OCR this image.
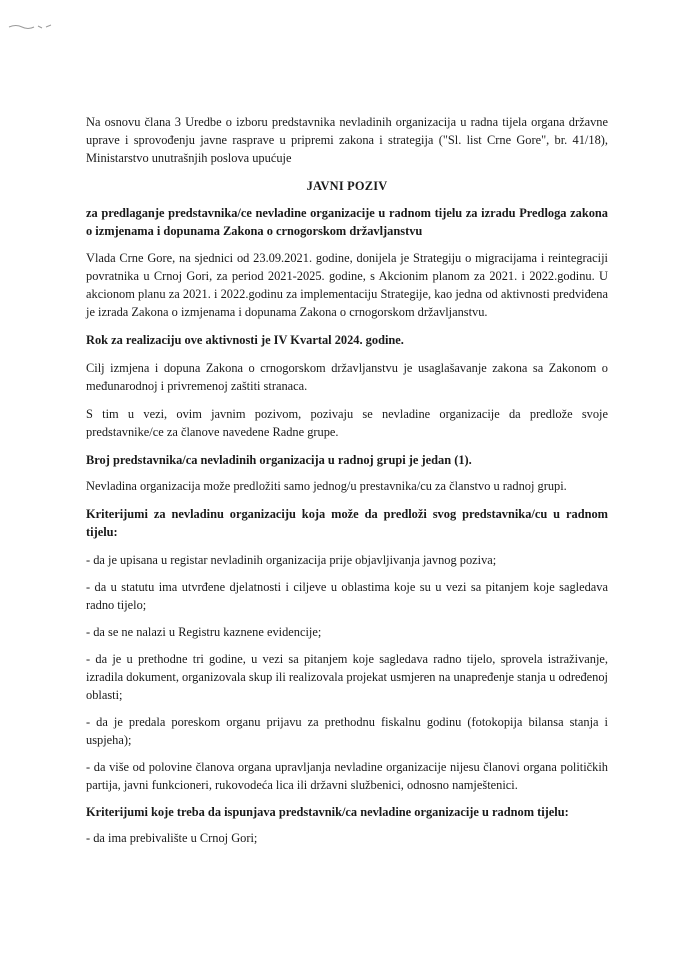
Na osnovu člana 3 Uredbe o izboru predstavnika nevladinih organizacija u radna tijela organa državne uprave i sprovođenju javne rasprave u pripremi zakona i strategija ("Sl. list Crne Gore", br. 41/18), Ministarstvo unutrašnjih poslova upućuje

JAVNI POZIV

za predlaganje predstavnika/ce nevladine organizacije u radnom tijelu za izradu Predloga zakona o izmjenama i dopunama Zakona o crnogorskom državljanstvu

Vlada Crne Gore, na sjednici od 23.09.2021. godine, donijela je Strategiju o migracijama i reintegraciji povratnika u Crnoj Gori, za period 2021-2025. godine, s Akcionim planom za 2021. i 2022.godinu. U akcionom planu za 2021. i 2022.godinu za implementaciju Strategije, kao jedna od aktivnosti predviđena je izrada Zakona o izmjenama i dopunama Zakona o crnogorskom državljanstvu.

Rok za realizaciju ove aktivnosti je IV Kvartal 2024. godine.

Cilj izmjena i dopuna Zakona o crnogorskom državljanstvu je usaglašavanje zakona sa Zakonom o međunarodnoj i privremenoj zaštiti stranaca.

S tim u vezi, ovim javnim pozivom, pozivaju se nevladine organizacije da predlože svoje predstavnike/ce za članove navedene Radne grupe.

Broj predstavnika/ca nevladinih organizacija u radnoj grupi je jedan (1).

Nevladina organizacija može predložiti samo jednog/u prestavnika/cu za članstvo u radnoj grupi.

Kriterijumi za nevladinu organizaciju koja može da predloži svog predstavnika/cu u radnom tijelu:

- da je upisana u registar nevladinih organizacija prije objavljivanja javnog poziva;

- da u statutu ima utvrđene djelatnosti i ciljeve u oblastima koje su u vezi sa pitanjem koje sagledava radno tijelo;

- da se ne nalazi u Registru kaznene evidencije;

- da je u prethodne tri godine, u vezi sa pitanjem koje sagledava radno tijelo, sprovela istraživanje, izradila dokument, organizovala skup ili realizovala projekat usmjeren na unapređenje stanja u određenoj oblasti;

- da je predala poreskom organu prijavu za prethodnu fiskalnu godinu (fotokopija bilansa stanja i uspjeha);

- da više od polovine članova organa upravljanja nevladine organizacije nijesu članovi organa političkih partija, javni funkcioneri, rukovodeća lica ili državni službenici, odnosno namještenici.

Kriterijumi koje treba da ispunjava predstavnik/ca nevladine organizacije u radnom tijelu:

- da ima prebivalište u Crnoj Gori;
